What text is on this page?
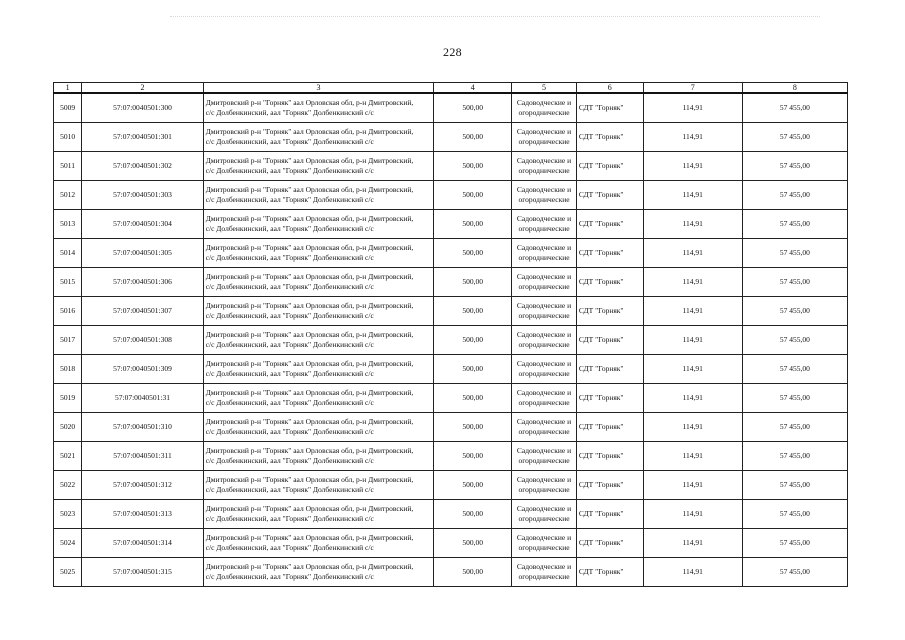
228
1	2	3	4	5	6	7	8
5009	57:07:0040501:300	Дмитровский р-н "Горняк" аал Орловская обл, р-н Дмитровский,
с/с Долбенкинский, аал "Горняк" Долбенкинский с/с	500,00	Садоводческие и
огороднические	СДТ "Горняк"	114,91	57 455,00
5010	57:07:0040501:301	Дмитровский р-н "Горняк" аал Орловская обл, р-н Дмитровский,
с/с Долбенкинский, аал "Горняк" Долбенкинский с/с	500,00	Садоводческие и
огороднические	СДТ "Горняк"	114,91	57 455,00
5011	57:07:0040501:302	Дмитровский р-н "Горняк" аал Орловская обл, р-н Дмитровский,
с/с Долбенкинский, аал "Горняк" Долбенкинский с/с	500,00	Садоводческие и
огороднические	СДТ "Горняк"	114,91	57 455,00
5012	57:07:0040501:303	Дмитровский р-н "Горняк" аал Орловская обл, р-н Дмитровский,
с/с Долбенкинский, аал "Горняк" Долбенкинский с/с	500,00	Садоводческие и
огороднические	СДТ "Горняк"	114,91	57 455,00
5013	57:07:0040501:304	Дмитровский р-н "Горняк" аал Орловская обл, р-н Дмитровский,
с/с Долбенкинский, аал "Горняк" Долбенкинский с/с	500,00	Садоводческие и
огороднические	СДТ "Горняк"	114,91	57 455,00
5014	57:07:0040501:305	Дмитровский р-н "Горняк" аал Орловская обл, р-н Дмитровский,
с/с Долбенкинский, аал "Горняк" Долбенкинский с/с	500,00	Садоводческие и
огороднические	СДТ "Горняк"	114,91	57 455,00
5015	57:07:0040501:306	Дмитровский р-н "Горняк" аал Орловская обл, р-н Дмитровский,
с/с Долбенкинский, аал "Горняк" Долбенкинский с/с	500,00	Садоводческие и
огороднические	СДТ "Горняк"	114,91	57 455,00
5016	57:07:0040501:307	Дмитровский р-н "Горняк" аал Орловская обл, р-н Дмитровский,
с/с Долбенкинский, аал "Горняк" Долбенкинский с/с	500,00	Садоводческие и
огороднические	СДТ "Горняк"	114,91	57 455,00
5017	57:07:0040501:308	Дмитровский р-н "Горняк" аал Орловская обл, р-н Дмитровский,
с/с Долбенкинский, аал "Горняк" Долбенкинский с/с	500,00	Садоводческие и
огороднические	СДТ "Горняк"	114,91	57 455,00
5018	57:07:0040501:309	Дмитровский р-н "Горняк" аал Орловская обл, р-н Дмитровский,
с/с Долбенкинский, аал "Горняк" Долбенкинский с/с	500,00	Садоводческие и
огороднические	СДТ "Горняк"	114,91	57 455,00
5019	57:07:0040501:31	Дмитровский р-н "Горняк" аал Орловская обл, р-н Дмитровский,
с/с Долбенкинский, аал "Горняк" Долбенкинский с/с	500,00	Садоводческие и
огороднические	СДТ "Горняк"	114,91	57 455,00
5020	57:07:0040501:310	Дмитровский р-н "Горняк" аал Орловская обл, р-н Дмитровский,
с/с Долбенкинский, аал "Горняк" Долбенкинский с/с	500,00	Садоводческие и
огороднические	СДТ "Горняк"	114,91	57 455,00
5021	57:07:0040501:311	Дмитровский р-н "Горняк" аал Орловская обл, р-н Дмитровский,
с/с Долбенкинский, аал "Горняк" Долбенкинский с/с	500,00	Садоводческие и
огороднические	СДТ "Горняк"	114,91	57 455,00
5022	57:07:0040501:312	Дмитровский р-н "Горняк" аал Орловская обл, р-н Дмитровский,
с/с Долбенкинский, аал "Горняк" Долбенкинский с/с	500,00	Садоводческие и
огороднические	СДТ "Горняк"	114,91	57 455,00
5023	57:07:0040501:313	Дмитровский р-н "Горняк" аал Орловская обл, р-н Дмитровский,
с/с Долбенкинский, аал "Горняк" Долбенкинский с/с	500,00	Садоводческие и
огороднические	СДТ "Горняк"	114,91	57 455,00
5024	57:07:0040501:314	Дмитровский р-н "Горняк" аал Орловская обл, р-н Дмитровский,
с/с Долбенкинский, аал "Горняк" Долбенкинский с/с	500,00	Садоводческие и
огороднические	СДТ "Горняк"	114,91	57 455,00
5025	57:07:0040501:315	Дмитровский р-н "Горняк" аал Орловская обл, р-н Дмитровский,
с/с Долбенкинский, аал "Горняк" Долбенкинский с/с	500,00	Садоводческие и
огороднические	СДТ "Горняк"	114,91	57 455,00
